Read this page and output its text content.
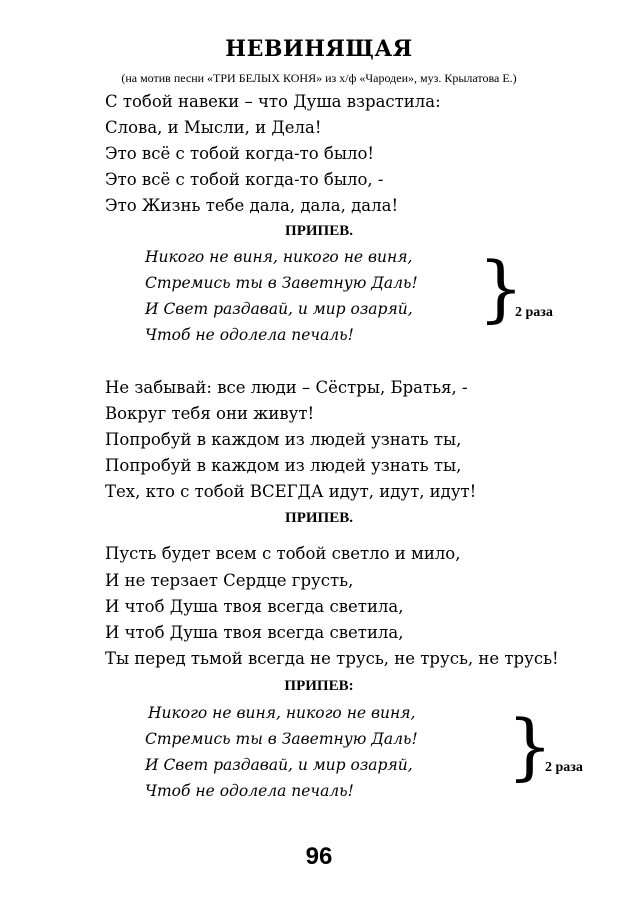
НЕВИНЯЩАЯ
(на мотив песни «ТРИ БЕЛЫХ КОНЯ» из х/ф «Чародеи», муз. Крылатова Е.)
С тобой навеки – что Душа взрастила:
Слова, и Мысли, и Дела!
Это всё с тобой когда-то было!
Это всё с тобой когда-то было, -
Это Жизнь тебе дала, дала, дала!
ПРИПЕВ.
Никого не виня, никого не виня,
Стремись ты в Заветную Даль!
И Свет раздавай, и мир озаряй,
Чтоб не одолела печаль!
}
2 раза
Не забывай: все люди – Сёстры, Братья, -
Вокруг тебя они живут!
Попробуй в каждом из людей узнать ты,
Попробуй в каждом из людей узнать ты,
Тех, кто с тобой ВСЕГДА идут, идут, идут!
ПРИПЕВ.
Пусть будет всем с тобой светло и мило,
И не терзает Сердце грусть,
И чтоб Душа твоя всегда светила,
И чтоб Душа твоя всегда светила,
Ты перед тьмой всегда не трусь, не трусь, не трусь!
ПРИПЕВ:
Никого не виня, никого не виня,
Стремись ты в Заветную Даль!
И Свет раздавай, и мир озаряй,
Чтоб не одолела печаль!
}
2 раза
96
